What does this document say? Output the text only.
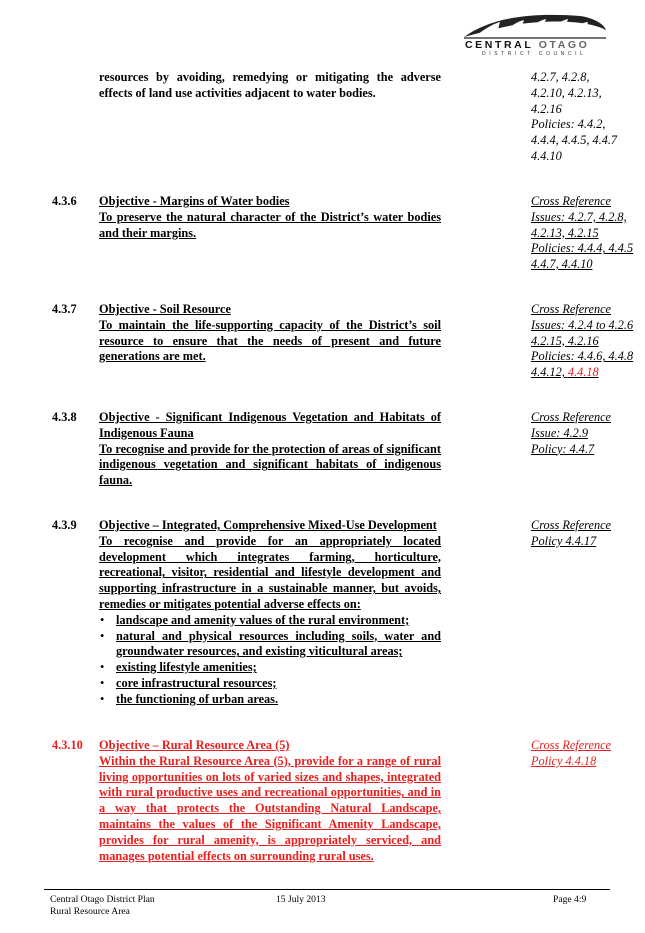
CENTRAL OTAGO
DISTRICT COUNCIL
resources by avoiding, remedying or mitigating the adverse effects of land use activities adjacent to water bodies.
4.2.7, 4.2.8,
4.2.10, 4.2.13,
4.2.16
Policies: 4.4.2,
4.4.4, 4.4.5, 4.4.7
4.4.10
4.3.6 Objective - Margins of Water bodies
To preserve the natural character of the District’s water bodies and their margins.
Cross Reference
Issues: 4.2.7, 4.2.8,
4.2.13, 4.2.15
Policies: 4.4.4, 4.4.5
4.4.7, 4.4.10
4.3.7 Objective - Soil Resource
To maintain the life-supporting capacity of the District’s soil resource to ensure that the needs of present and future generations are met.
Cross Reference
Issues: 4.2.4 to 4.2.6
4.2.15, 4.2.16
Policies: 4.4.6, 4.4.8
4.4.12, 4.4.18
4.3.8 Objective - Significant Indigenous Vegetation and Habitats of Indigenous Fauna
To recognise and provide for the protection of areas of significant indigenous vegetation and significant habitats of indigenous fauna.
Cross Reference
Issue: 4.2.9
Policy: 4.4.7
4.3.9 Objective – Integrated, Comprehensive Mixed-Use Development
To recognise and provide for an appropriately located development which integrates farming, horticulture, recreational, visitor, residential and lifestyle development and supporting infrastructure in a sustainable manner, but avoids, remedies or mitigates potential adverse effects on:
• landscape and amenity values of the rural environment;
• natural and physical resources including soils, water and groundwater resources, and existing viticultural areas;
• existing lifestyle amenities;
• core infrastructural resources;
• the functioning of urban areas.
Cross Reference
Policy 4.4.17
4.3.10 Objective – Rural Resource Area (5)
Within the Rural Resource Area (5), provide for a range of rural living opportunities on lots of varied sizes and shapes, integrated with rural productive uses and recreational opportunities, and in a way that protects the Outstanding Natural Landscape, maintains the values of the Significant Amenity Landscape, provides for rural amenity, is appropriately serviced, and manages potential effects on surrounding rural uses.
Cross Reference
Policy 4.4.18
Central Otago District Plan
Rural Resource Area
15 July 2013	Page 4:9
